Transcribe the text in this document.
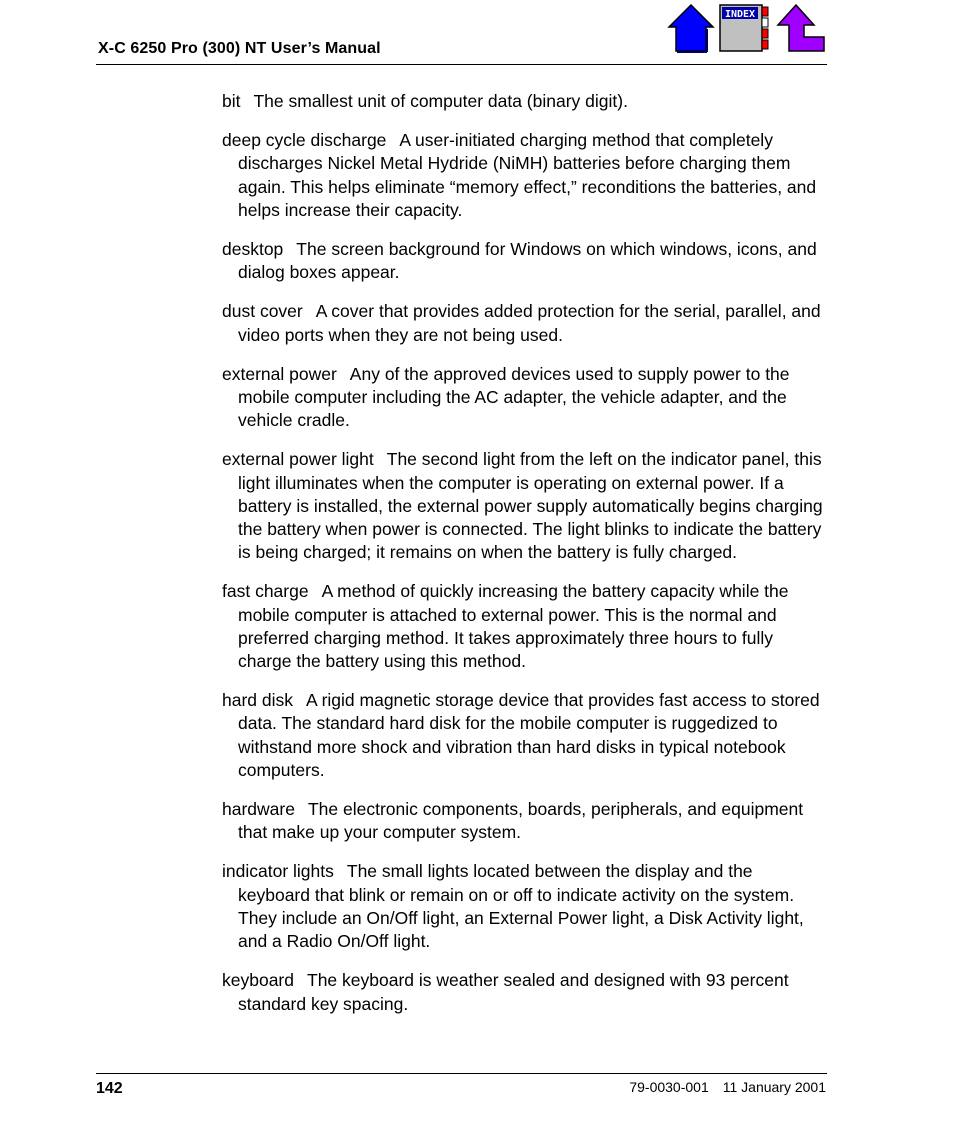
X-C 6250 Pro (300) NT User’s Manual
INDEX

bit The smallest unit of computer data (binary digit).

deep cycle discharge A user-initiated charging method that completely discharges Nickel Metal Hydride (NiMH) batteries before charging them again. This helps eliminate “memory effect,” reconditions the batteries, and helps increase their capacity.

desktop The screen background for Windows on which windows, icons, and dialog boxes appear.

dust cover A cover that provides added protection for the serial, parallel, and video ports when they are not being used.

external power Any of the approved devices used to supply power to the mobile computer including the AC adapter, the vehicle adapter, and the vehicle cradle.

external power light The second light from the left on the indicator panel, this light illuminates when the computer is operating on external power. If a battery is installed, the external power supply automatically begins charging the battery when power is connected. The light blinks to indicate the battery is being charged; it remains on when the battery is fully charged.

fast charge A method of quickly increasing the battery capacity while the mobile computer is attached to external power. This is the normal and preferred charging method. It takes approximately three hours to fully charge the battery using this method.

hard disk A rigid magnetic storage device that provides fast access to stored data. The standard hard disk for the mobile computer is ruggedized to withstand more shock and vibration than hard disks in typical notebook computers.

hardware The electronic components, boards, peripherals, and equipment that make up your computer system.

indicator lights The small lights located between the display and the keyboard that blink or remain on or off to indicate activity on the system. They include an On/Off light, an External Power light, a Disk Activity light, and a Radio On/Off light.

keyboard The keyboard is weather sealed and designed with 93 percent standard key spacing.

142	79-0030-001 11 January 2001
